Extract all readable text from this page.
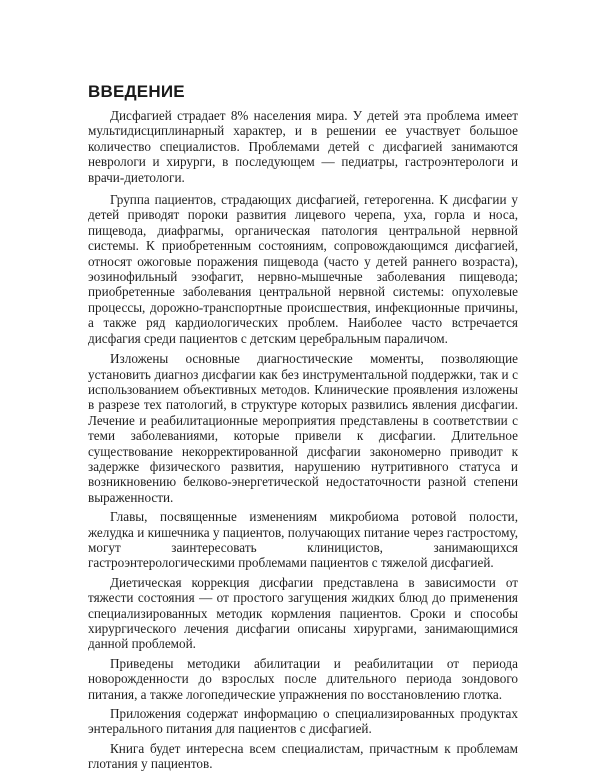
ВВЕДЕНИЕ

Дисфагией страдает 8% населения мира. У детей эта проблема имеет мультидисциплинарный характер, и в решении ее участвует большое количество специалистов. Проблемами детей с дисфагией занимаются неврологи и хирурги, в последующем — педиатры, гастроэнтерологи и врачи-диетологи.

Группа пациентов, страдающих дисфагией, гетерогенна. К дисфагии у детей приводят пороки развития лицевого черепа, уха, горла и носа, пищевода, диафрагмы, органическая патология центральной нервной системы. К приобретенным состояниям, сопровождающимся дисфагией, относят ожоговые поражения пищевода (часто у детей раннего возраста), эозинофильный эзофагит, нервно-мышечные заболевания пищевода; приобретенные заболевания центральной нервной системы: опухолевые процессы, дорожно-транспортные происшествия, инфекционные причины, а также ряд кардиологических проблем. Наиболее часто встречается дисфагия среди пациентов с детским церебральным параличом.

Изложены основные диагностические моменты, позволяющие установить диагноз дисфагии как без инструментальной поддержки, так и с использованием объективных методов. Клинические проявления изложены в разрезе тех патологий, в структуре которых развились явления дисфагии. Лечение и реабилитационные мероприятия представлены в соответствии с теми заболеваниями, которые привели к дисфагии. Длительное существование некорректированной дисфагии закономерно приводит к задержке физического развития, нарушению нутритивного статуса и возникновению белково-энергетической недостаточности разной степени выраженности.

Главы, посвященные изменениям микробиома ротовой полости, желудка и кишечника у пациентов, получающих питание через гастростому, могут заинтересовать клиницистов, занимающихся гастроэнтерологическими проблемами пациентов с тяжелой дисфагией.

Диетическая коррекция дисфагии представлена в зависимости от тяжести состояния — от простого загущения жидких блюд до применения специализированных методик кормления пациентов. Сроки и способы хирургического лечения дисфагии описаны хирургами, занимающимися данной проблемой.

Приведены методики абилитации и реабилитации от периода новорожденности до взрослых после длительного периода зондового питания, а также логопедические упражнения по восстановлению глотка.

Приложения содержат информацию о специализированных продуктах энтерального питания для пациентов с дисфагией.

Книга будет интересна всем специалистам, причастным к проблемам глотания у пациентов.
